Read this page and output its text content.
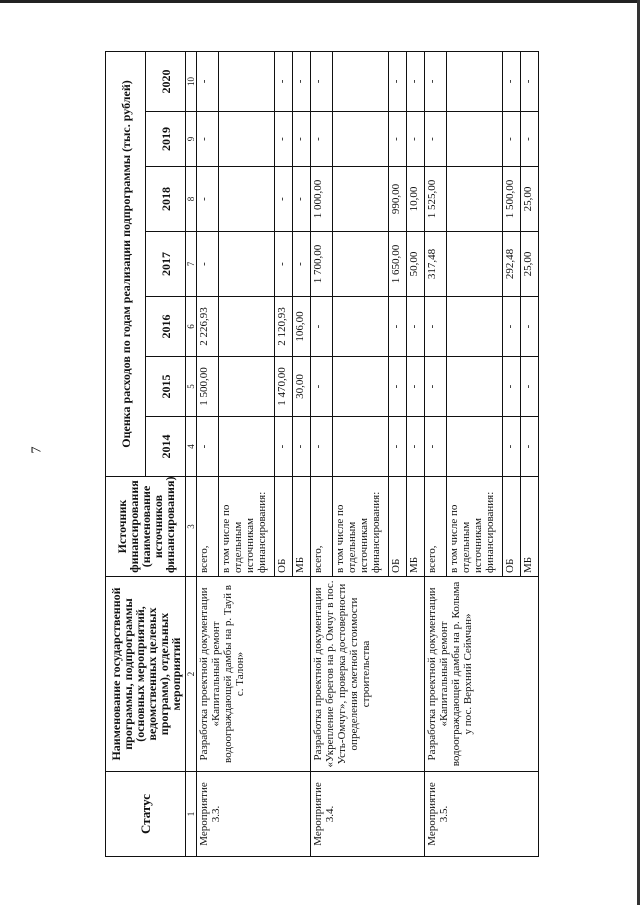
7
Статус	Наименование государственной программы, подпрограммы (основных мероприятий, ведомственных целевых программ), отдельных мероприятий	Источник финансирования (наименование источников финансирования)	Оценка расходов по годам реализации подпрограммы (тыс. рублей)						
			2014	2015	2016	2017	2018	2019	2020
1	2	3	4	5	6	7	8	9	10
Мероприятие 3.3.	Разработка проектной документации «Капитальный ремонт водоограждающей дамбы на р. Тауй в с. Талон»	всего,	-	1 500,00	2 226,93	-	-	-	-
		в том числе по отдельным источникам финансирования:							
		ОБ	-	1 470,00	2 120,93	-	-	-	-
		МБ	-	30,00	106,00	-	-	-	-
Мероприятие 3.4.	Разработка проектной документации «Укрепление берегов на р. Омчуг в пос. Усть-Омчуг», проверка достоверности определения сметной стоимости строительства	всего,	-	-	-	1 700,00	1 000,00	-	-
		в том числе по отдельным источникам финансирования:							
		ОБ	-	-	-	1 650,00	990,00	-	-
		МБ	-	-	-	50,00	10,00	-	-
Мероприятие 3.5.	Разработка проектной документации «Капитальный ремонт водоограждающей дамбы на р. Колыма у пос. Верхний Сеймчан»	всего,	-	-	-	317,48	1 525,00	-	-
		в том числе по отдельным источникам финансирования:							
		ОБ	-	-	-	292,48	1 500,00	-	-
		МБ	-	-	-	25,00	25,00	-	-
